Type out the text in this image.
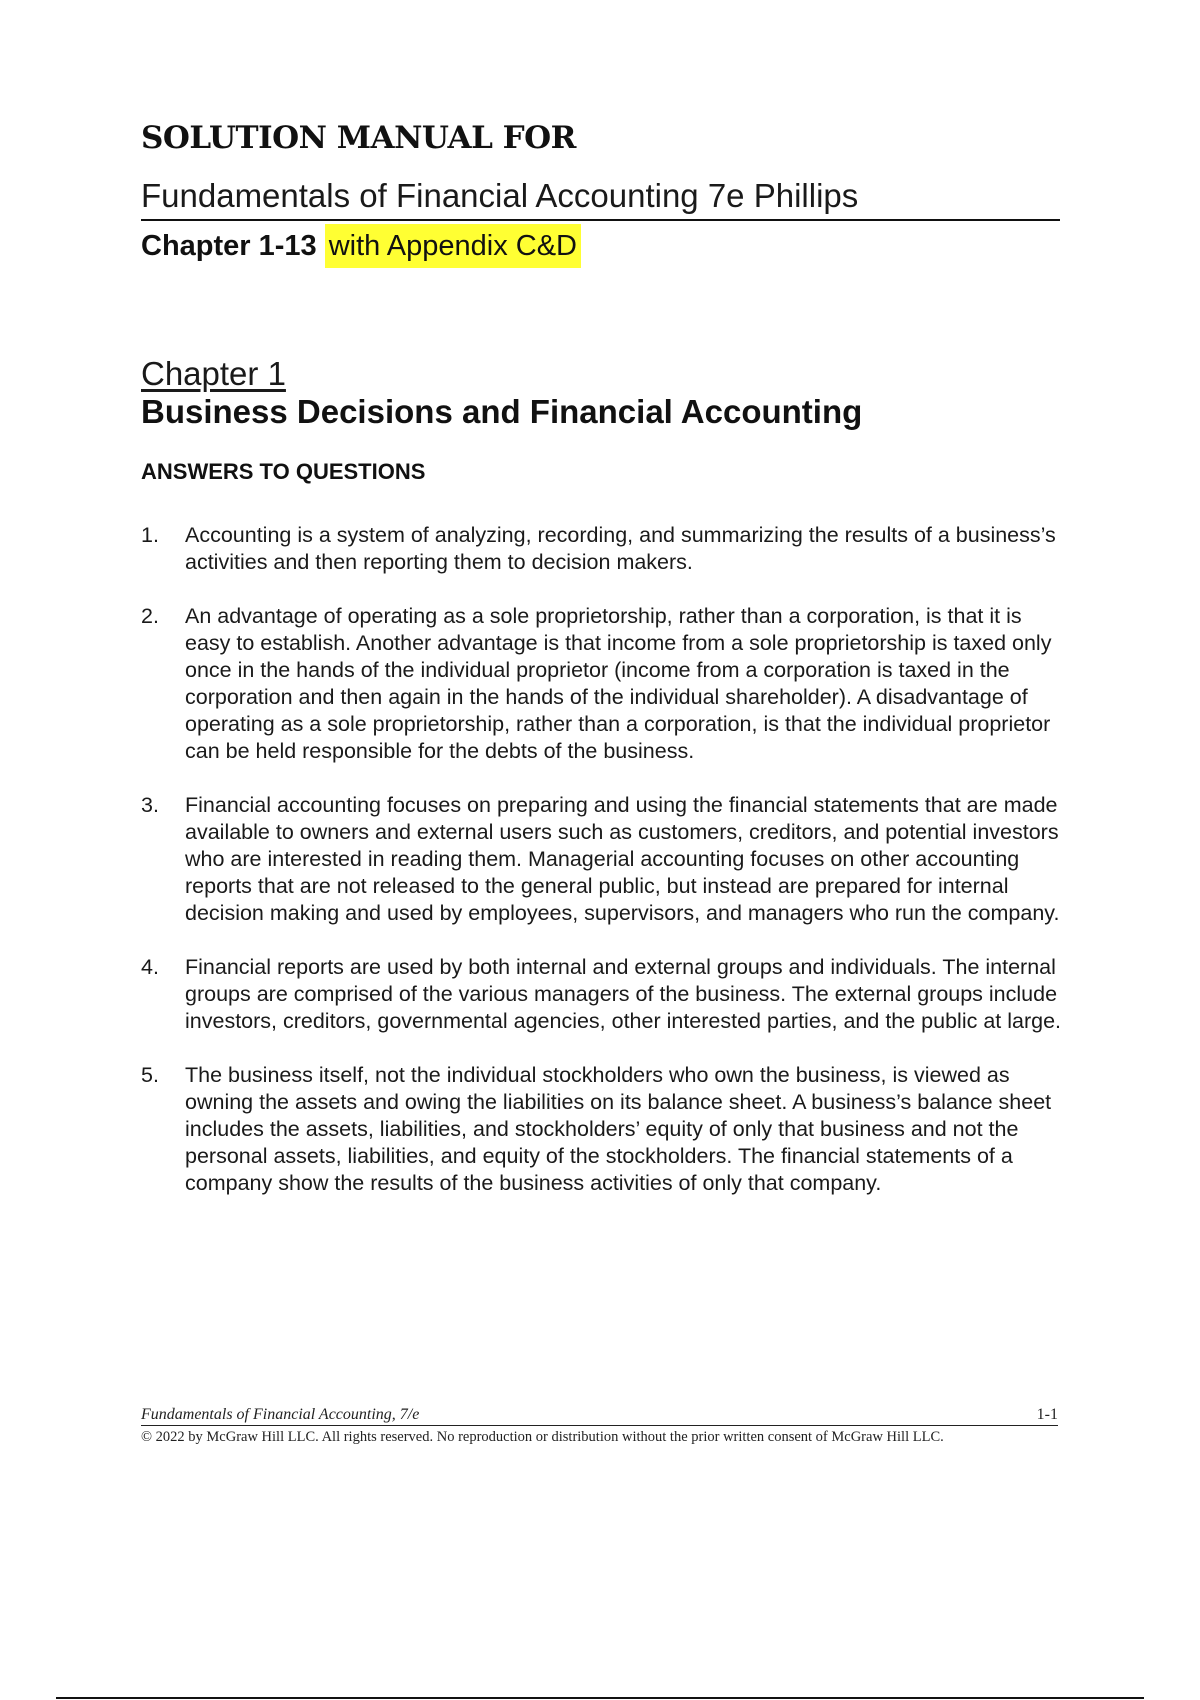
SOLUTION MANUAL FOR
Fundamentals of Financial Accounting 7e Phillips
Chapter 1-13 with Appendix C&D
Chapter 1
Business Decisions and Financial Accounting
ANSWERS TO QUESTIONS
1. Accounting is a system of analyzing, recording, and summarizing the results of a business’s activities and then reporting them to decision makers.
2. An advantage of operating as a sole proprietorship, rather than a corporation, is that it is easy to establish. Another advantage is that income from a sole proprietorship is taxed only once in the hands of the individual proprietor (income from a corporation is taxed in the corporation and then again in the hands of the individual shareholder). A disadvantage of operating as a sole proprietorship, rather than a corporation, is that the individual proprietor can be held responsible for the debts of the business.
3. Financial accounting focuses on preparing and using the financial statements that are made available to owners and external users such as customers, creditors, and potential investors who are interested in reading them. Managerial accounting focuses on other accounting reports that are not released to the general public, but instead are prepared for internal decision making and used by employees, supervisors, and managers who run the company.
4. Financial reports are used by both internal and external groups and individuals. The internal groups are comprised of the various managers of the business. The external groups include investors, creditors, governmental agencies, other interested parties, and the public at large.
5. The business itself, not the individual stockholders who own the business, is viewed as owning the assets and owing the liabilities on its balance sheet. A business’s balance sheet includes the assets, liabilities, and stockholders’ equity of only that business and not the personal assets, liabilities, and equity of the stockholders. The financial statements of a company show the results of the business activities of only that company.
Fundamentals of Financial Accounting, 7/e	1-1
© 2022 by McGraw Hill LLC. All rights reserved. No reproduction or distribution without the prior written consent of McGraw Hill LLC.
